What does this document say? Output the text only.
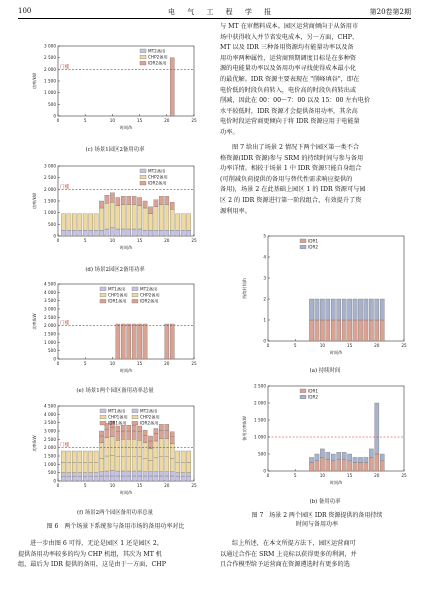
100	电 气 工 程 学 报	第20卷第2期
0
500
1 000
1 500
2 000
2 500
3 000
0	5	10	15	20	25
时间/h
功率/kW
门槛
MT2备用
CHP2备用
IDR2备用
(c) 场景1园区2备用功率
0
500
1 000
1 500
2 000
2 500
3 000
0	5	10	15	20	25
时间/h
功率/kW
门槛
MT2备用
CHP2备用
IDR2备用
(d) 场景2园区2备用功率
0
500
1 000
1 500
2 000
2 500
3 000
3 500
4 000
4 500
0	5	10	15	20	25
时间/h
功率/kW	门槛
MT1备用	MT2备用
CHP1备用	CHP2备用
IDR1备用	IDR2备用
(e) 场景1两个园区备用功率总量
0
500
1 000
1 500
2 000
2 500
3 000
3 500
4 000
4 500
0	5	10	15	20	25
时间/h
功率/kW	门槛
MT1备用	MT2备用
CHP1备用	CHP2备用
IDR1备用	IDR2备用
(f) 场景2两个园区备用功率总量
图 6　两个场景下系统参与备用市场的备用功率对比

进一步由图 6 可得，无论是园区 1 还是园区 2，

提供备用功率较多的均为 CHP 机组，其次为 MT 机

组，最后为 IDR 提供的备用，这是由于一方面，CHP

与 MT 在审燃料成本。园区运营商倾向于从备用市

场中获得收入并节省发电成本，另一方面，CHP、

MT 以及 IDR 三种备用资源均有能量功率以及备

用功率两种属性，运营商预期调度目标是在多种资

源的电能量功率以及备用功率寻找使得成本最小化

的最优解。IDR 资源主要表现在 "削峰填谷"，即在

电价低的时段负荷转入，电价高的时段负荷转出或

削减，因此在 00：00～7：00 以及 15：00 左右电价

水平较低时，IDR 资源才会提供备用功率，其余高

电价时段运营商更倾向于将 IDR 资源应用于电能量

功率。

图 7 给出了场景 2 情况下两个园区第一类不合

格资源(IDR 资源)参与 SRM 的持续时间与参与备用

功率详情。相较于场景 1 中 IDR 资源只能自身组合

(可削减负荷提供的备用与替代性需求响应提供的

备用)，场景 2 在此基础上园区 1 的 IDR 资源可与园

区 2 的 IDR 资源进行第一阶段组合，有效提升了资

源利用率。

0
1
2
3
4
5
0	5	10	15	20	25
时间/h
持续时间/h
IDR1
IDR2
(a) 持续时间
0
500
1 000
1 500
2 000
2 500
0	5	10	15	20	25
时间/h
备用功率/kW
IDR1
IDR2
(b) 备用功率
图 7　场景 2 两个园区 IDR 资源提供的备用持续
时间与备用功率

综上所述，在本文所提方法下，园区运营商可

以通过合作在 SRM 上竞标以获得更多的利润，并

且合作模型给予运营商在资源遴选时有更多的选
